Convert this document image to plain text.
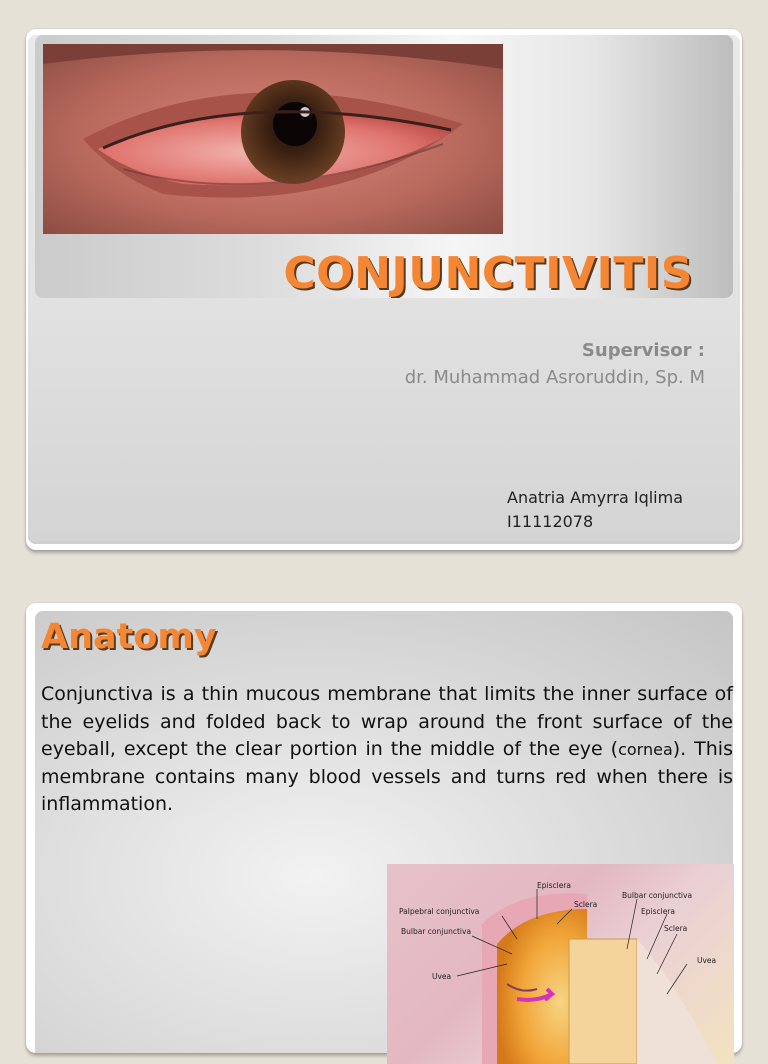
CONJUNCTIVITIS
Supervisor :
dr. Muhammad Asroruddin, Sp. M
Anatria Amyrra Iqlima
I11112078
Anatomy
Conjunctiva is a thin mucous membrane that limits the inner surface of the eyelids and folded back to wrap around the front surface of the eyeball, except the clear portion in the middle of the eye (cornea). This membrane contains many blood vessels and turns red when there is inflammation.
Episclera
Sclera
Palpebral conjunctiva
Bulbar conjunctiva
Uvea
Bulbar conjunctiva
Episclera
Sclera
Uvea
